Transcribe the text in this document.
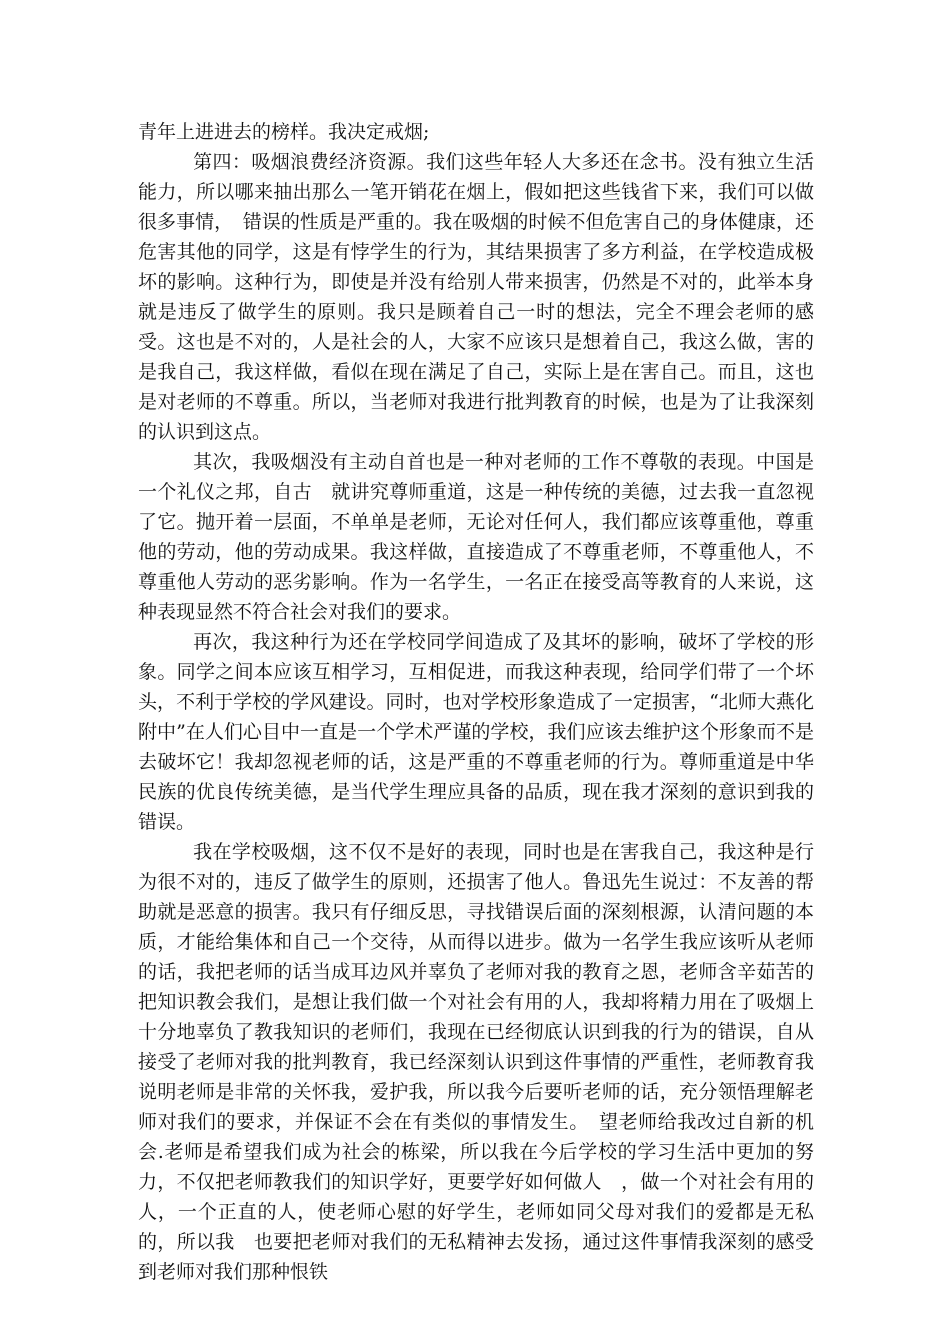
青年上进进去的榜样。我决定戒烟;

第四：吸烟浪费经济资源。我们这些年轻人大多还在念书。没有独立生活能力，所以哪来抽出那么一笔开销花在烟上，假如把这些钱省下来，我们可以做很多事情，　错误的性质是严重的。我在吸烟的时候不但危害自己的身体健康，还危害其他的同学，这是有悖学生的行为，其结果损害了多方利益，在学校造成极坏的影响。这种行为，即使是并没有给别人带来损害，仍然是不对的，此举本身就是违反了做学生的原则。我只是顾着自己一时的想法，完全不理会老师的感受。这也是不对的，人是社会的人，大家不应该只是想着自己，我这么做，害的是我自己，我这样做，看似在现在满足了自己，实际上是在害自己。而且，这也是对老师的不尊重。所以，当老师对我进行批判教育的时候，也是为了让我深刻的认识到这点。

其次，我吸烟没有主动自首也是一种对老师的工作不尊敬的表现。中国是一个礼仪之邦，自古　就讲究尊师重道，这是一种传统的美德，过去我一直忽视了它。抛开着一层面，不单单是老师，无论对任何人，我们都应该尊重他，尊重他的劳动，他的劳动成果。我这样做，直接造成了不尊重老师，不尊重他人，不尊重他人劳动的恶劣影响。作为一名学生，一名正在接受高等教育的人来说，这种表现显然不符合社会对我们的要求。

再次，我这种行为还在学校同学间造成了及其坏的影响，破坏了学校的形象。同学之间本应该互相学习，互相促进，而我这种表现，给同学们带了一个坏头，不利于学校的学风建设。同时，也对学校形象造成了一定损害，“北师大燕化附中”在人们心目中一直是一个学术严谨的学校，我们应该去维护这个形象而不是去破坏它！我却忽视老师的话，这是严重的不尊重老师的行为。尊师重道是中华民族的优良传统美德，是当代学生理应具备的品质，现在我才深刻的意识到我的错误。

我在学校吸烟，这不仅不是好的表现，同时也是在害我自己，我这种是行为很不对的，违反了做学生的原则，还损害了他人。鲁迅先生说过：不友善的帮助就是恶意的损害。我只有仔细反思，寻找错误后面的深刻根源，认清问题的本质，才能给集体和自己一个交待，从而得以进步。做为一名学生我应该听从老师的话，我把老师的话当成耳边风并辜负了老师对我的教育之恩，老师含辛茹苦的把知识教会我们，是想让我们做一个对社会有用的人，我却将精力用在了吸烟上十分地辜负了教我知识的老师们，我现在已经彻底认识到我的行为的错误，自从接受了老师对我的批判教育，我已经深刻认识到这件事情的严重性，老师教育我说明老师是非常的关怀我，爱护我，所以我今后要听老师的话，充分领悟理解老师对我们的要求，并保证不会在有类似的事情发生。　望老师给我改过自新的机会.老师是希望我们成为社会的栋梁，所以我在今后学校的学习生活中更加的努力，不仅把老师教我们的知识学好，更要学好如何做人　，做一个对社会有用的人，一个正直的人，使老师心慰的好学生，老师如同父母对我们的爱都是无私的，所以我　也要把老师对我们的无私精神去发扬，通过这件事情我深刻的感受到老师对我们那种恨铁
